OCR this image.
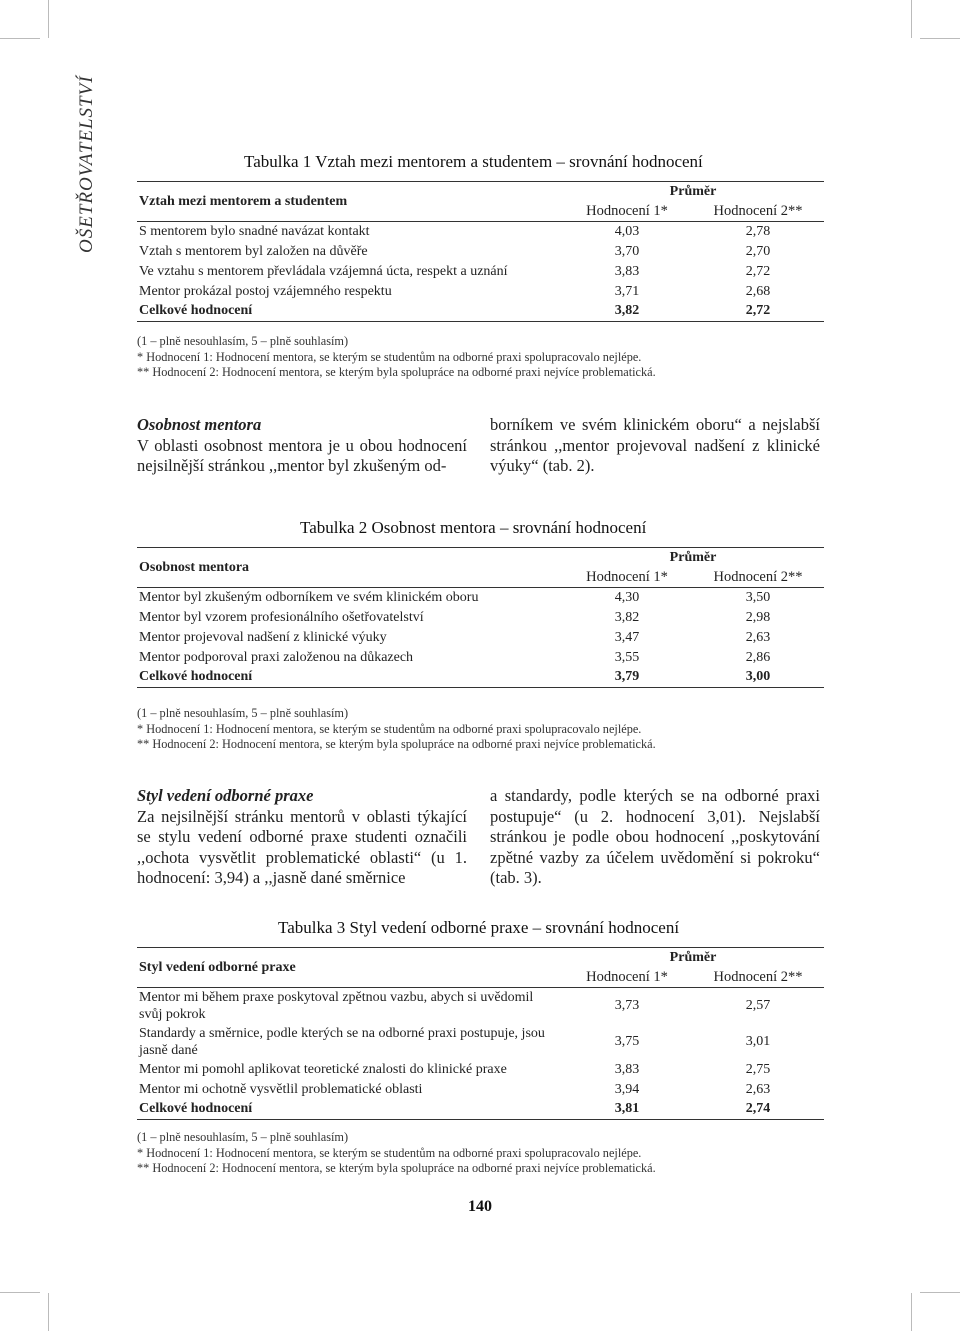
OŠETŘOVATELSTVÍ	Tabulka 1 Vztah mezi mentorem a studentem – srovnání hodnocení
Vztah mezi mentorem a studentem	Průměr	
	Hodnocení 1*	Hodnocení 2**
S mentorem bylo snadné navázat kontakt	4,03	2,78
Vztah s mentorem byl založen na důvěře	3,70	2,70
Ve vztahu s mentorem převládala vzájemná úcta, respekt a uznání	3,83	2,72
Mentor prokázal postoj vzájemného respektu	3,71	2,68
Celkové hodnocení	3,82	2,72
(1 – plně nesouhlasím, 5 – plně souhlasím)
* Hodnocení 1: Hodnocení mentora, se kterým se studentům na odborné praxi spolupracovalo nejlépe.
** Hodnocení 2: Hodnocení mentora, se kterým byla spolupráce na odborné praxi nejvíce problematická.
Osobnost mentora
V oblasti osobnost mentora je u obou hodnocení nejsilnější stránkou ,,mentor byl zkušeným od-
borníkem ve svém klinickém oboru“ a nejslabší stránkou ,,mentor projevoval nadšení z klinické výuky“ (tab. 2).
Tabulka 2 Osobnost mentora – srovnání hodnocení
Osobnost mentora	Průměr	
	Hodnocení 1*	Hodnocení 2**
Mentor byl zkušeným odborníkem ve svém klinickém oboru	4,30	3,50
Mentor byl vzorem profesionálního ošetřovatelství	3,82	2,98
Mentor projevoval nadšení z klinické výuky	3,47	2,63
Mentor podporoval praxi založenou na důkazech	3,55	2,86
Celkové hodnocení	3,79	3,00
(1 – plně nesouhlasím, 5 – plně souhlasím)
* Hodnocení 1: Hodnocení mentora, se kterým se studentům na odborné praxi spolupracovalo nejlépe.
** Hodnocení 2: Hodnocení mentora, se kterým byla spolupráce na odborné praxi nejvíce problematická.
Styl vedení odborné praxe
Za nejsilnější stránku mentorů v oblasti týkající se stylu vedení odborné praxe studenti označili ,,ochota vysvětlit problematické oblasti“ (u 1. hodnocení: 3,94) a ,,jasně dané směrnice
a standardy, podle kterých se na odborné praxi postupuje“ (u 2. hodnocení 3,01). Nejslabší stránkou je podle obou hodnocení ,,poskytování zpětné vazby za účelem uvědomění si pokroku“ (tab. 3).
Tabulka 3 Styl vedení odborné praxe – srovnání hodnocení
Styl vedení odborné praxe	Průměr	
	Hodnocení 1*	Hodnocení 2**
Mentor mi během praxe poskytoval zpětnou vazbu, abych si uvědomil svůj pokrok	3,73	2,57
Standardy a směrnice, podle kterých se na odborné praxi postupuje, jsou jasně dané	3,75	3,01
Mentor mi pomohl aplikovat teoretické znalosti do klinické praxe	3,83	2,75
Mentor mi ochotně vysvětlil problematické oblasti	3,94	2,63
Celkové hodnocení	3,81	2,74
(1 – plně nesouhlasím, 5 – plně souhlasím)
* Hodnocení 1: Hodnocení mentora, se kterým se studentům na odborné praxi spolupracovalo nejlépe.
** Hodnocení 2: Hodnocení mentora, se kterým byla spolupráce na odborné praxi nejvíce problematická.
140
